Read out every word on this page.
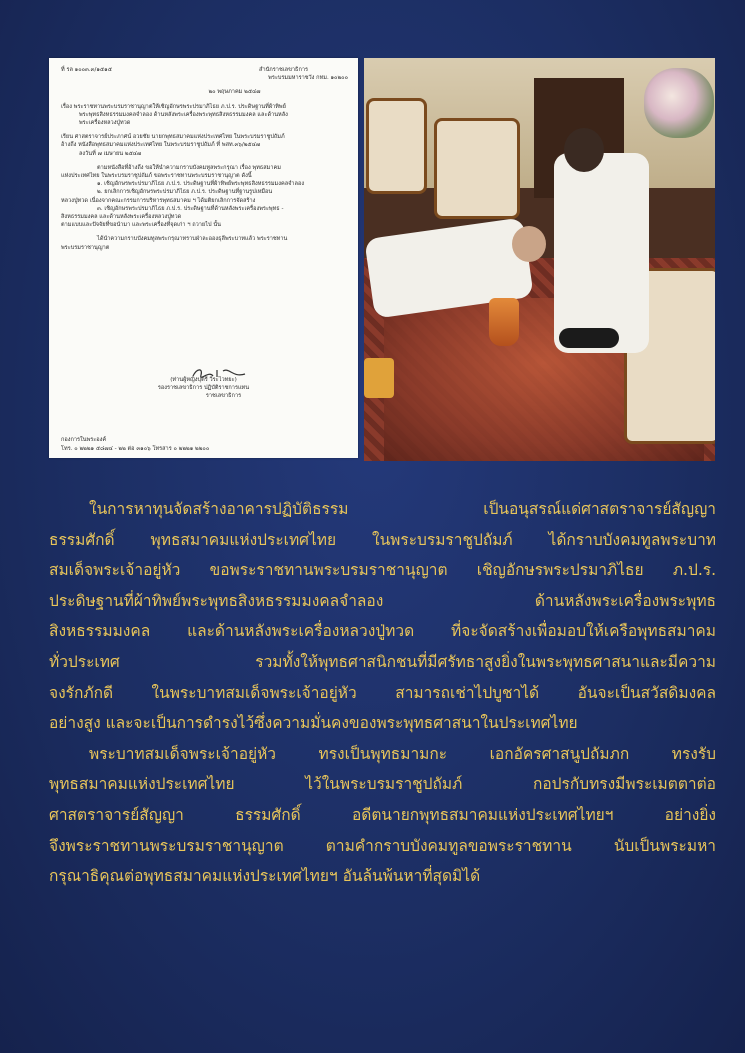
ที่ รล ๑๐๐๓.๓/๑๕๑๕	สำนักราชเลขาธิการ

พระบรมมหาราชวัง กทม. ๑๐๒๐๐

๒๐ พฤษภาคม ๒๕๔๗

เรื่อง พระราชทานพระบรมราชานุญาตให้เชิญอักษรพระปรมาภิไธย ภ.ป.ร. ประดิษฐานที่ผ้าทิพย์

พระพุทธสิงหธรรมมงคลจำลอง ด้านหลังพระเครื่องพระพุทธสิงหธรรมมงคล และด้านหลัง

พระเครื่องหลวงปู่ทวด

เรียน ศาสตราจารย์ประภาศน์ อวยชัย นายกพุทธสมาคมแห่งประเทศไทย ในพระบรมราชูปถัมภ์

อ้างถึง หนังสือพุทธสมาคมแห่งประเทศไทย ในพระบรมราชูปถัมภ์ ที่ พสท.๓๖/๒๕๔๗

ลงวันที่ ๗ เมษายน ๒๕๔๗

ตามหนังสือที่อ้างถึง ขอให้นำความกราบบังคมทูลพระกรุณา เรื่อง พุทธสมาคม

แห่งประเทศไทย ในพระบรมราชูปถัมภ์ ขอพระราชทานพระบรมราชานุญาต ดังนี้

๑. เชิญอักษรพระปรมาภิไธย ภ.ป.ร. ประดิษฐานที่ผ้าทิพย์พระพุทธสิงหธรรมมงคลจำลอง

๒. ยกเลิกการเชิญอักษรพระปรมาภิไธย ภ.ป.ร. ประดิษฐานที่ฐานรูปเหมือน

หลวงปู่ทวด เนื่องจากคณะกรรมการบริหารพุทธสมาคม ฯ ได้มติยกเลิกการจัดสร้าง

๓. เชิญอักษรพระปรมาภิไธย ภ.ป.ร. ประดิษฐานที่ด้านหลังพระเครื่องพระพุทธ -

สิงหธรรมมงคล และด้านหลังพระเครื่องหลวงปู่ทวด

ตามแบบและปัจจัยที่ขอนำมา และพระเครื่องที่จุดเก่า ฯ ถวายไป นั้น

ได้นำความกราบบังคมทูลพระกรุณาทราบฝ่าละอองธุลีพระบาทแล้ว พระราชทาน

พระบรมราชานุญาต

(ท่านผู้หญิงบุตรี วีระไวทยะ)

รองราชเลขาธิการ ปฏิบัติราชการแทน

ราชเลขาธิการ

กองการในพระองค์

โทร. ๐ ๒๒๒๑ ๕๘๗๔ - ๒๒ ต่อ ๓๑๐๖ โทรสาร ๐ ๒๒๒๑ ๒๒๐๐

ในการหาทุนจัดสร้างอาคารปฏิบัติธรรม เป็นอนุสรณ์แด่ศาสตราจารย์สัญญา
ธรรมศักดิ์ พุทธสมาคมแห่งประเทศไทย ในพระบรมราชูปถัมภ์ ได้กราบบังคมทูลพระบาท
สมเด็จพระเจ้าอยู่หัว ขอพระราชทานพระบรมราชานุญาต เชิญอักษรพระปรมาภิไธย ภ.ป.ร.
ประดิษฐานที่ผ้าทิพย์พระพุทธสิงหธรรมมงคลจำลอง ด้านหลังพระเครื่องพระพุทธ
สิงหธรรมมงคล และด้านหลังพระเครื่องหลวงปู่ทวด ที่จะจัดสร้างเพื่อมอบให้เครือพุทธสมาคม
ทั่วประเทศ รวมทั้งให้พุทธศาสนิกชนที่มีศรัทธาสูงยิ่งในพระพุทธศาสนาและมีความ
จงรักภักดี ในพระบาทสมเด็จพระเจ้าอยู่หัว สามารถเช่าไปบูชาได้ อันจะเป็นสวัสดิมงคล
อย่างสูง และจะเป็นการดำรงไว้ซึ่งความมั่นคงของพระพุทธศาสนาในประเทศไทย
พระบาทสมเด็จพระเจ้าอยู่หัว ทรงเป็นพุทธมามกะ เอกอัครศาสนูปถัมภก ทรงรับ
พุทธสมาคมแห่งประเทศไทย ไว้ในพระบรมราชูปถัมภ์ กอปรกับทรงมีพระเมตตาต่อ
ศาสตราจารย์สัญญา ธรรมศักดิ์ อดีตนายกพุทธสมาคมแห่งประเทศไทยฯ อย่างยิ่ง
จึงพระราชทานพระบรมราชานุญาต ตามคำกราบบังคมทูลขอพระราชทาน นับเป็นพระมหา
กรุณาธิคุณต่อพุทธสมาคมแห่งประเทศไทยฯ อันล้นพ้นหาที่สุดมิได้
